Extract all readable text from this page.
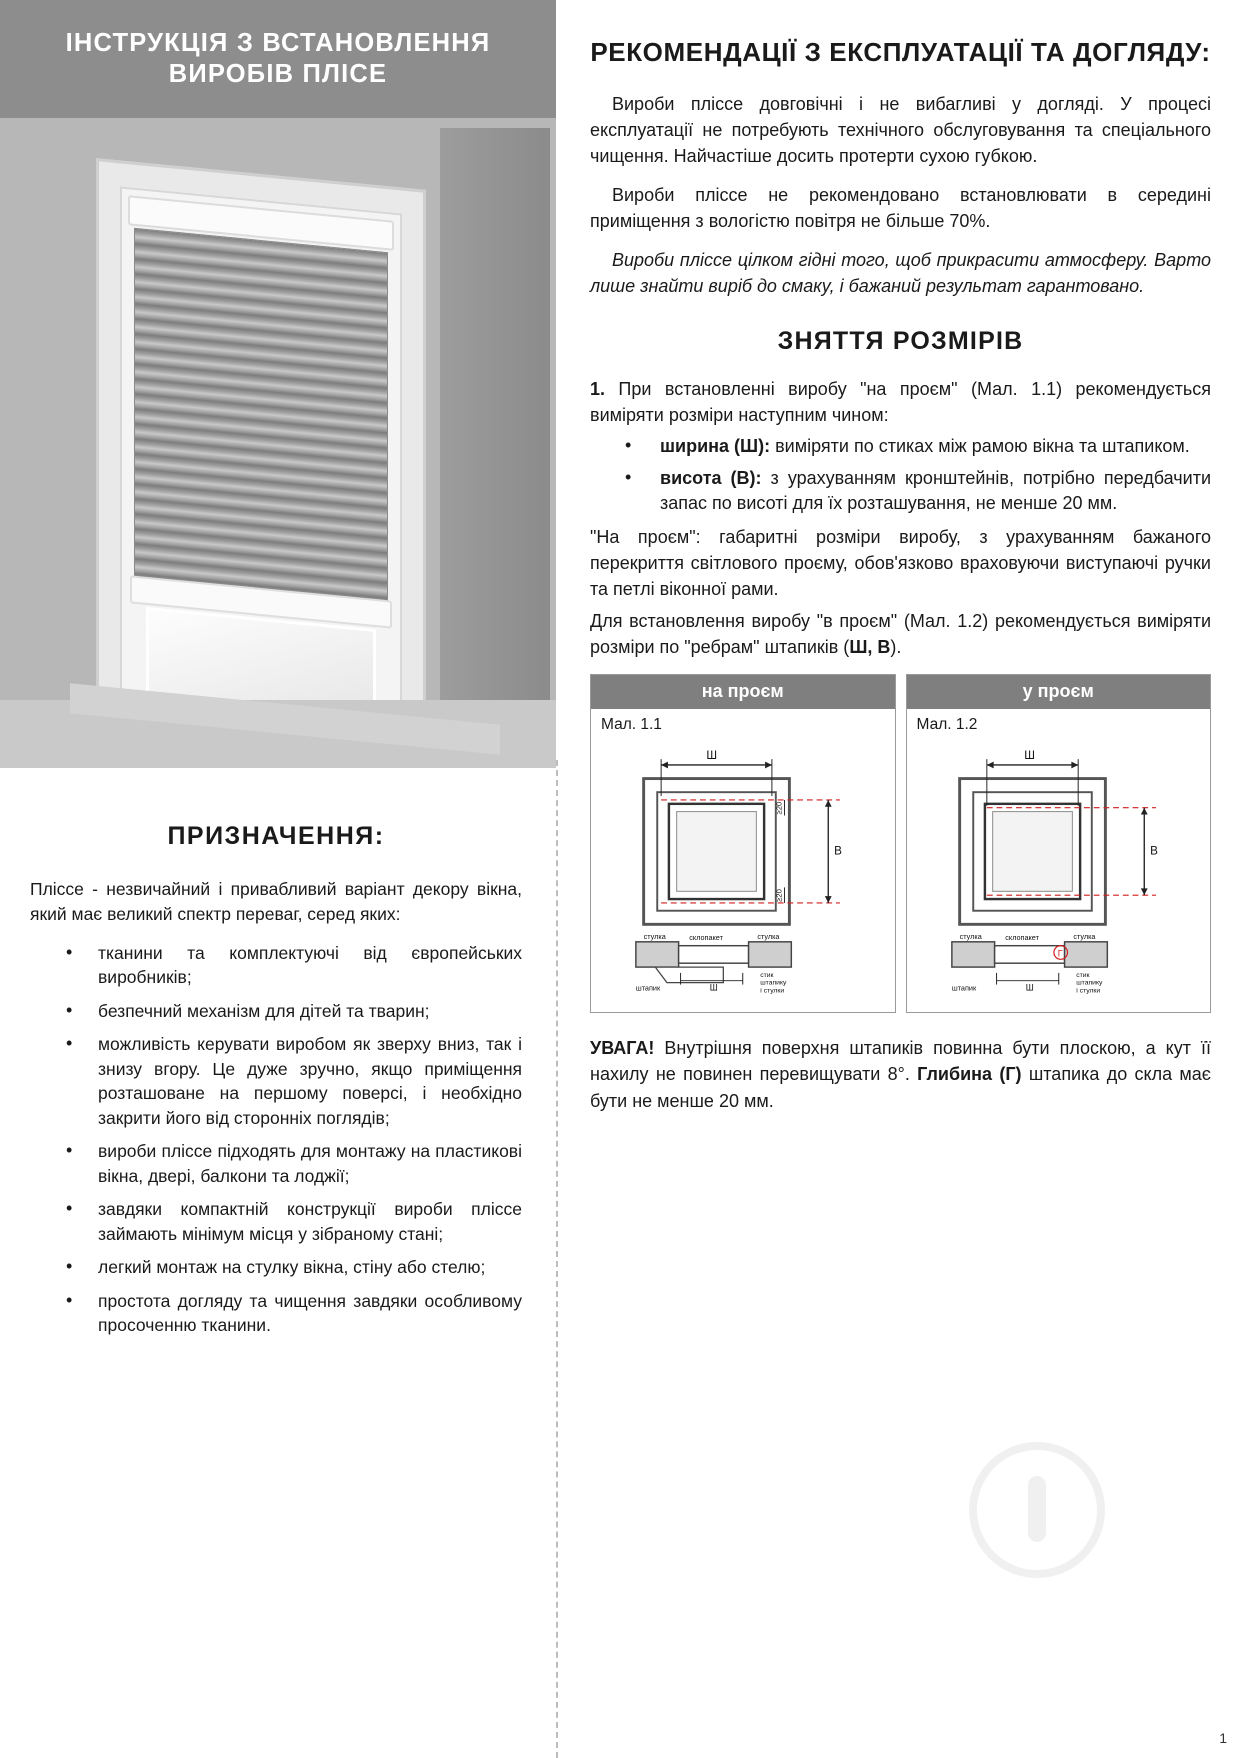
ІНСТРУКЦІЯ З ВСТАНОВЛЕННЯ ВИРОБІВ ПЛІСЕ
ПРИЗНАЧЕННЯ:

Пліссе - незвичайний і привабливий варіант декору вікна, який має великий спектр переваг, серед яких:

• тканини та комплектуючі від європейських виробників;
• безпечний механізм для дітей та тварин;
• можливість керувати виробом як зверху вниз, так і знизу вгору. Це дуже зручно, якщо приміщення розташоване на першому поверсі, і необхідно закрити його від сторонніх поглядів;
• вироби пліссе підходять для монтажу на пластикові вікна, двері, балкони та лоджії;
• завдяки компактній конструкції вироби пліссе займають мінімум місця у зібраному стані;
• легкий монтаж на стулку вікна, стіну або стелю;
• простота догляду та чищення завдяки особливому просоченню тканини.
РЕКОМЕНДАЦІЇ З ЕКСПЛУАТАЦІЇ ТА ДОГЛЯДУ:

Вироби пліссе довговічні і не вибагливі у догляді. У процесі експлуатації не потребують технічного обслуговування та спеціального чищення. Найчастіше досить протерти сухою губкою.

Вироби пліссе не рекомендовано встановлювати в середині приміщення з вологістю повітря не більше 70%.

Вироби пліссе цілком гідні того, щоб прикрасити атмосферу. Варто лише знайти виріб до смаку, і бажаний результат гарантовано.

ЗНЯТТЯ РОЗМІРІВ

1. При встановленні виробу "на проєм" (Мал. 1.1) рекомендується виміряти розміри наступним чином:

• ширина (Ш): виміряти по стиках між рамою вікна та штапиком.
• висота (В): з урахуванням кронштейнів, потрібно передбачити запас по висоті для їх розташування, не менше 20 мм.

"На проєм": габаритні розміри виробу, з урахуванням бажаного перекриття світлового проєму, обов'язково враховуючи виступаючі ручки та петлі віконної рами.

Для встановлення виробу "в проєм" (Мал. 1.2) рекомендується виміряти розміри по "ребрам" штапиків (Ш, В).

на проєм
Мал. 1.1
Ш
В
≥20
≥20
стулка	стулка
склопакет
штапик	Ш
стик
штапику
і стулки
у проєм
Мал. 1.2
Ш
В
стулка	стулка
склопакет
штапик	Ш
стик
штапику
і стулки
Г

УВАГА! Внутрішня поверхня штапиків повинна бути плоскою, а кут її нахилу не повинен перевищувати 8°. Глибина (Г) штапика до скла має бути не менше 20 мм.

1
